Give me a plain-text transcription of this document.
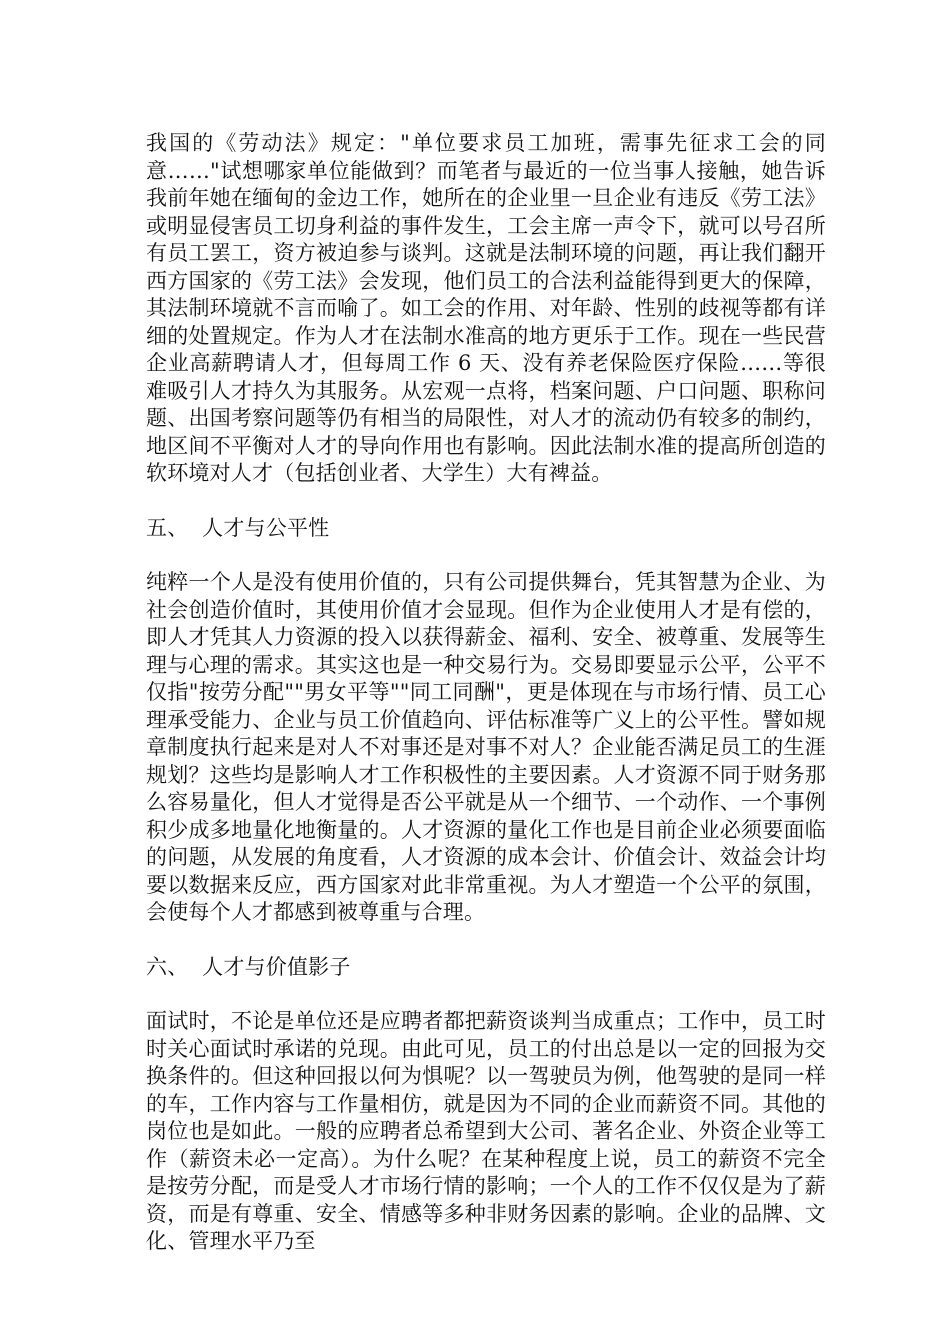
我国的《劳动法》规定："单位要求员工加班，需事先征求工会的同意……"试想哪家单位能做到？而笔者与最近的一位当事人接触，她告诉我前年她在缅甸的金边工作，她所在的企业里一旦企业有违反《劳工法》或明显侵害员工切身利益的事件发生，工会主席一声令下，就可以号召所有员工罢工，资方被迫参与谈判。这就是法制环境的问题，再让我们翻开西方国家的《劳工法》会发现，他们员工的合法利益能得到更大的保障，其法制环境就不言而喻了。如工会的作用、对年龄、性别的歧视等都有详细的处置规定。作为人才在法制水准高的地方更乐于工作。现在一些民营企业高薪聘请人才，但每周工作 6 天、没有养老保险医疗保险……等很难吸引人才持久为其服务。从宏观一点将，档案问题、户口问题、职称问题、出国考察问题等仍有相当的局限性，对人才的流动仍有较多的制约，地区间不平衡对人才的导向作用也有影响。因此法制水准的提高所创造的软环境对人才（包括创业者、大学生）大有裨益。

五、  人才与公平性

纯粹一个人是没有使用价值的，只有公司提供舞台，凭其智慧为企业、为社会创造价值时，其使用价值才会显现。但作为企业使用人才是有偿的，即人才凭其人力资源的投入以获得薪金、福利、安全、被尊重、发展等生理与心理的需求。其实这也是一种交易行为。交易即要显示公平，公平不仅指"按劳分配""男女平等""同工同酬"，更是体现在与市场行情、员工心理承受能力、企业与员工价值趋向、评估标准等广义上的公平性。譬如规章制度执行起来是对人不对事还是对事不对人？企业能否满足员工的生涯规划？这些均是影响人才工作积极性的主要因素。人才资源不同于财务那么容易量化，但人才觉得是否公平就是从一个细节、一个动作、一个事例积少成多地量化地衡量的。人才资源的量化工作也是目前企业必须要面临的问题，从发展的角度看，人才资源的成本会计、价值会计、效益会计均要以数据来反应，西方国家对此非常重视。为人才塑造一个公平的氛围，会使每个人才都感到被尊重与合理。

六、  人才与价值影子

面试时，不论是单位还是应聘者都把薪资谈判当成重点；工作中，员工时时关心面试时承诺的兑现。由此可见，员工的付出总是以一定的回报为交换条件的。但这种回报以何为惧呢？以一驾驶员为例，他驾驶的是同一样的车，工作内容与工作量相仿，就是因为不同的企业而薪资不同。其他的岗位也是如此。一般的应聘者总希望到大公司、著名企业、外资企业等工作（薪资未必一定高）。为什么呢？在某种程度上说，员工的薪资不完全是按劳分配，而是受人才市场行情的影响；一个人的工作不仅仅是为了薪资，而是有尊重、安全、情感等多种非财务因素的影响。企业的品牌、文化、管理水平乃至
